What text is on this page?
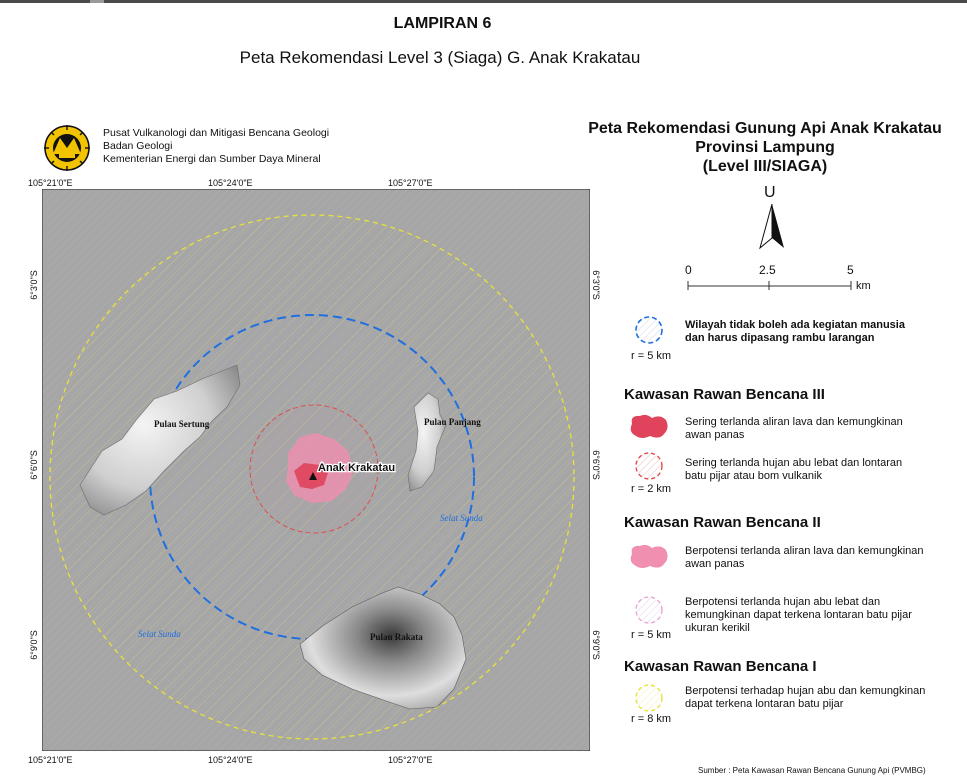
LAMPIRAN 6
Peta Rekomendasi Level 3 (Siaga) G. Anak Krakatau
Pusat Vulkanologi dan Mitigasi Bencana Geologi
Badan Geologi
Kementerian Energi dan Sumber Daya Mineral
105°21'0"E	105°24'0"E	105°27'0"E
105°21'0"E	105°24'0"E	105°27'0"E
6°3'0"S
6°6'0"S
6°9'0"S
6°3'0"S
6°6'0"S
6°9'0"S
Pulau Sertung	Pulau Panjang
Anak Krakatau
Pulau Rakata
Selat Sunda
Selat Sunda
Peta Rekomendasi Gunung Api Anak Krakatau
Provinsi Lampung
(Level III/SIAGA)
U
0	2.5	5
km
Wilayah tidak boleh ada kegiatan manusia
dan harus dipasang rambu larangan
r = 5 km
Kawasan Rawan Bencana III
Sering terlanda aliran lava dan kemungkinan
awan panas
Sering terlanda hujan abu lebat dan lontaran
batu pijar atau bom vulkanik
r = 2 km
Kawasan Rawan Bencana II
Berpotensi terlanda aliran lava dan kemungkinan
awan panas
Berpotensi terlanda hujan abu lebat dan
kemungkinan dapat terkena lontaran batu pijar
ukuran kerikil
r = 5 km
Kawasan Rawan Bencana I
Berpotensi terhadap hujan abu dan kemungkinan
dapat terkena lontaran batu pijar
r = 8 km
Sumber : Peta Kawasan Rawan Bencana Gunung Api (PVMBG)
